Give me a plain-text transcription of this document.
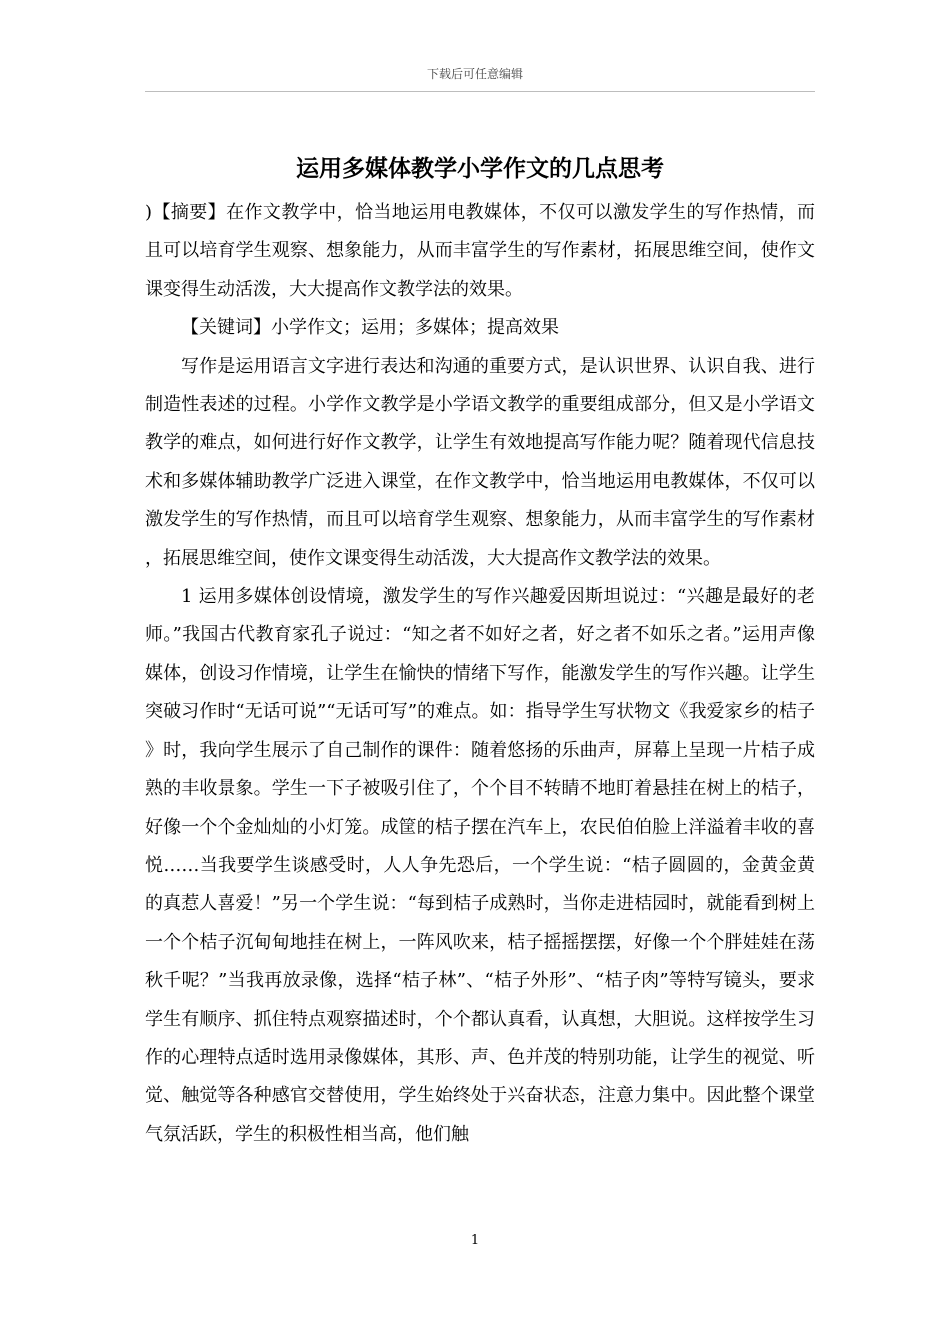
下载后可任意编辑
运用多媒体教学小学作文的几点思考

)【摘要】在作文教学中，恰当地运用电教媒体，不仅可以激发学生的写作热情，而且可以培育学生观察、想象能力，从而丰富学生的写作素材，拓展思维空间，使作文课变得生动活泼，大大提高作文教学法的效果。

【关键词】小学作文；运用；多媒体；提高效果

写作是运用语言文字进行表达和沟通的重要方式，是认识世界、认识自我、进行制造性表述的过程。小学作文教学是小学语文教学的重要组成部分，但又是小学语文教学的难点，如何进行好作文教学，让学生有效地提高写作能力呢？随着现代信息技术和多媒体辅助教学广泛进入课堂，在作文教学中，恰当地运用电教媒体，不仅可以激发学生的写作热情，而且可以培育学生观察、想象能力，从而丰富学生的写作素材，拓展思维空间，使作文课变得生动活泼，大大提高作文教学法的效果。

1 运用多媒体创设情境，激发学生的写作兴趣爱因斯坦说过：“兴趣是最好的老师。”我国古代教育家孔子说过：“知之者不如好之者，好之者不如乐之者。”运用声像媒体，创设习作情境，让学生在愉快的情绪下写作，能激发学生的写作兴趣。让学生突破习作时“无话可说”“无话可写”的难点。如：指导学生写状物文《我爱家乡的桔子》时，我向学生展示了自己制作的课件：随着悠扬的乐曲声，屏幕上呈现一片桔子成熟的丰收景象。学生一下子被吸引住了，个个目不转睛不地盯着悬挂在树上的桔子，好像一个个金灿灿的小灯笼。成筐的桔子摆在汽车上，农民伯伯脸上洋溢着丰收的喜悦……当我要学生谈感受时，人人争先恐后，一个学生说：“桔子圆圆的，金黄金黄的真惹人喜爱！”另一个学生说：“每到桔子成熟时，当你走进桔园时，就能看到树上一个个桔子沉甸甸地挂在树上，一阵风吹来，桔子摇摇摆摆，好像一个个胖娃娃在荡秋千呢？”当我再放录像，选择“桔子林”、“桔子外形”、“桔子肉”等特写镜头，要求学生有顺序、抓住特点观察描述时，个个都认真看，认真想，大胆说。这样按学生习作的心理特点适时选用录像媒体，其形、声、色并茂的特别功能，让学生的视觉、听觉、触觉等各种感官交替使用，学生始终处于兴奋状态，注意力集中。因此整个课堂气氛活跃，学生的积极性相当高，他们触

1
